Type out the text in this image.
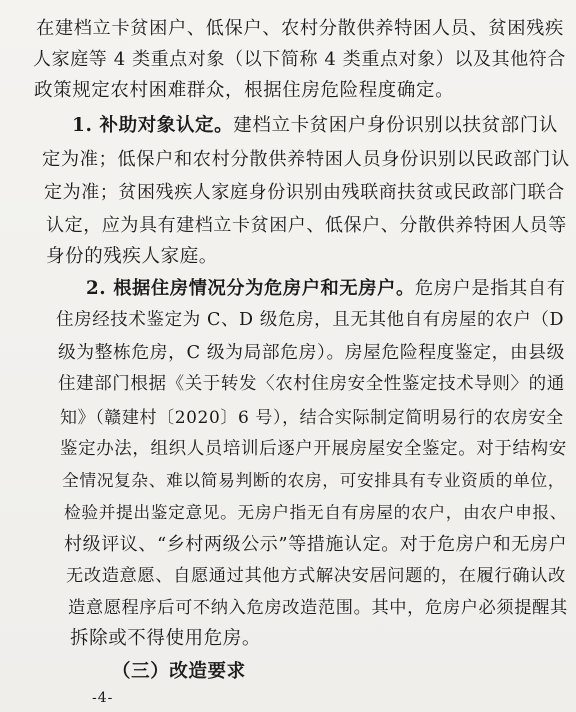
在建档立卡贫困户、低保户、农村分散供养特困人员、贫困残疾
人家庭等 4 类重点对象（以下简称 4 类重点对象）以及其他符合
政策规定农村困难群众，根据住房危险程度确定。
1. 补助对象认定。建档立卡贫困户身份识别以扶贫部门认
定为准；低保户和农村分散供养特困人员身份识别以民政部门认
定为准；贫困残疾人家庭身份识别由残联商扶贫或民政部门联合
认定，应为具有建档立卡贫困户、低保户、分散供养特困人员等
身份的残疾人家庭。
2. 根据住房情况分为危房户和无房户。危房户是指其自有
住房经技术鉴定为 C、D 级危房，且无其他自有房屋的农户（D
级为整栋危房，C 级为局部危房）。房屋危险程度鉴定，由县级
住建部门根据《关于转发〈农村住房安全性鉴定技术导则〉的通
知》（赣建村〔2020〕6 号），结合实际制定简明易行的农房安全
鉴定办法，组织人员培训后逐户开展房屋安全鉴定。对于结构安
全情况复杂、难以简易判断的农房，可安排具有专业资质的单位，
检验并提出鉴定意见。无房户指无自有房屋的农户，由农户申报、
村级评议、“乡村两级公示”等措施认定。对于危房户和无房户
无改造意愿、自愿通过其他方式解决安居问题的，在履行确认改
造意愿程序后可不纳入危房改造范围。其中，危房户必须提醒其
拆除或不得使用危房。
（三）改造要求
-4-
